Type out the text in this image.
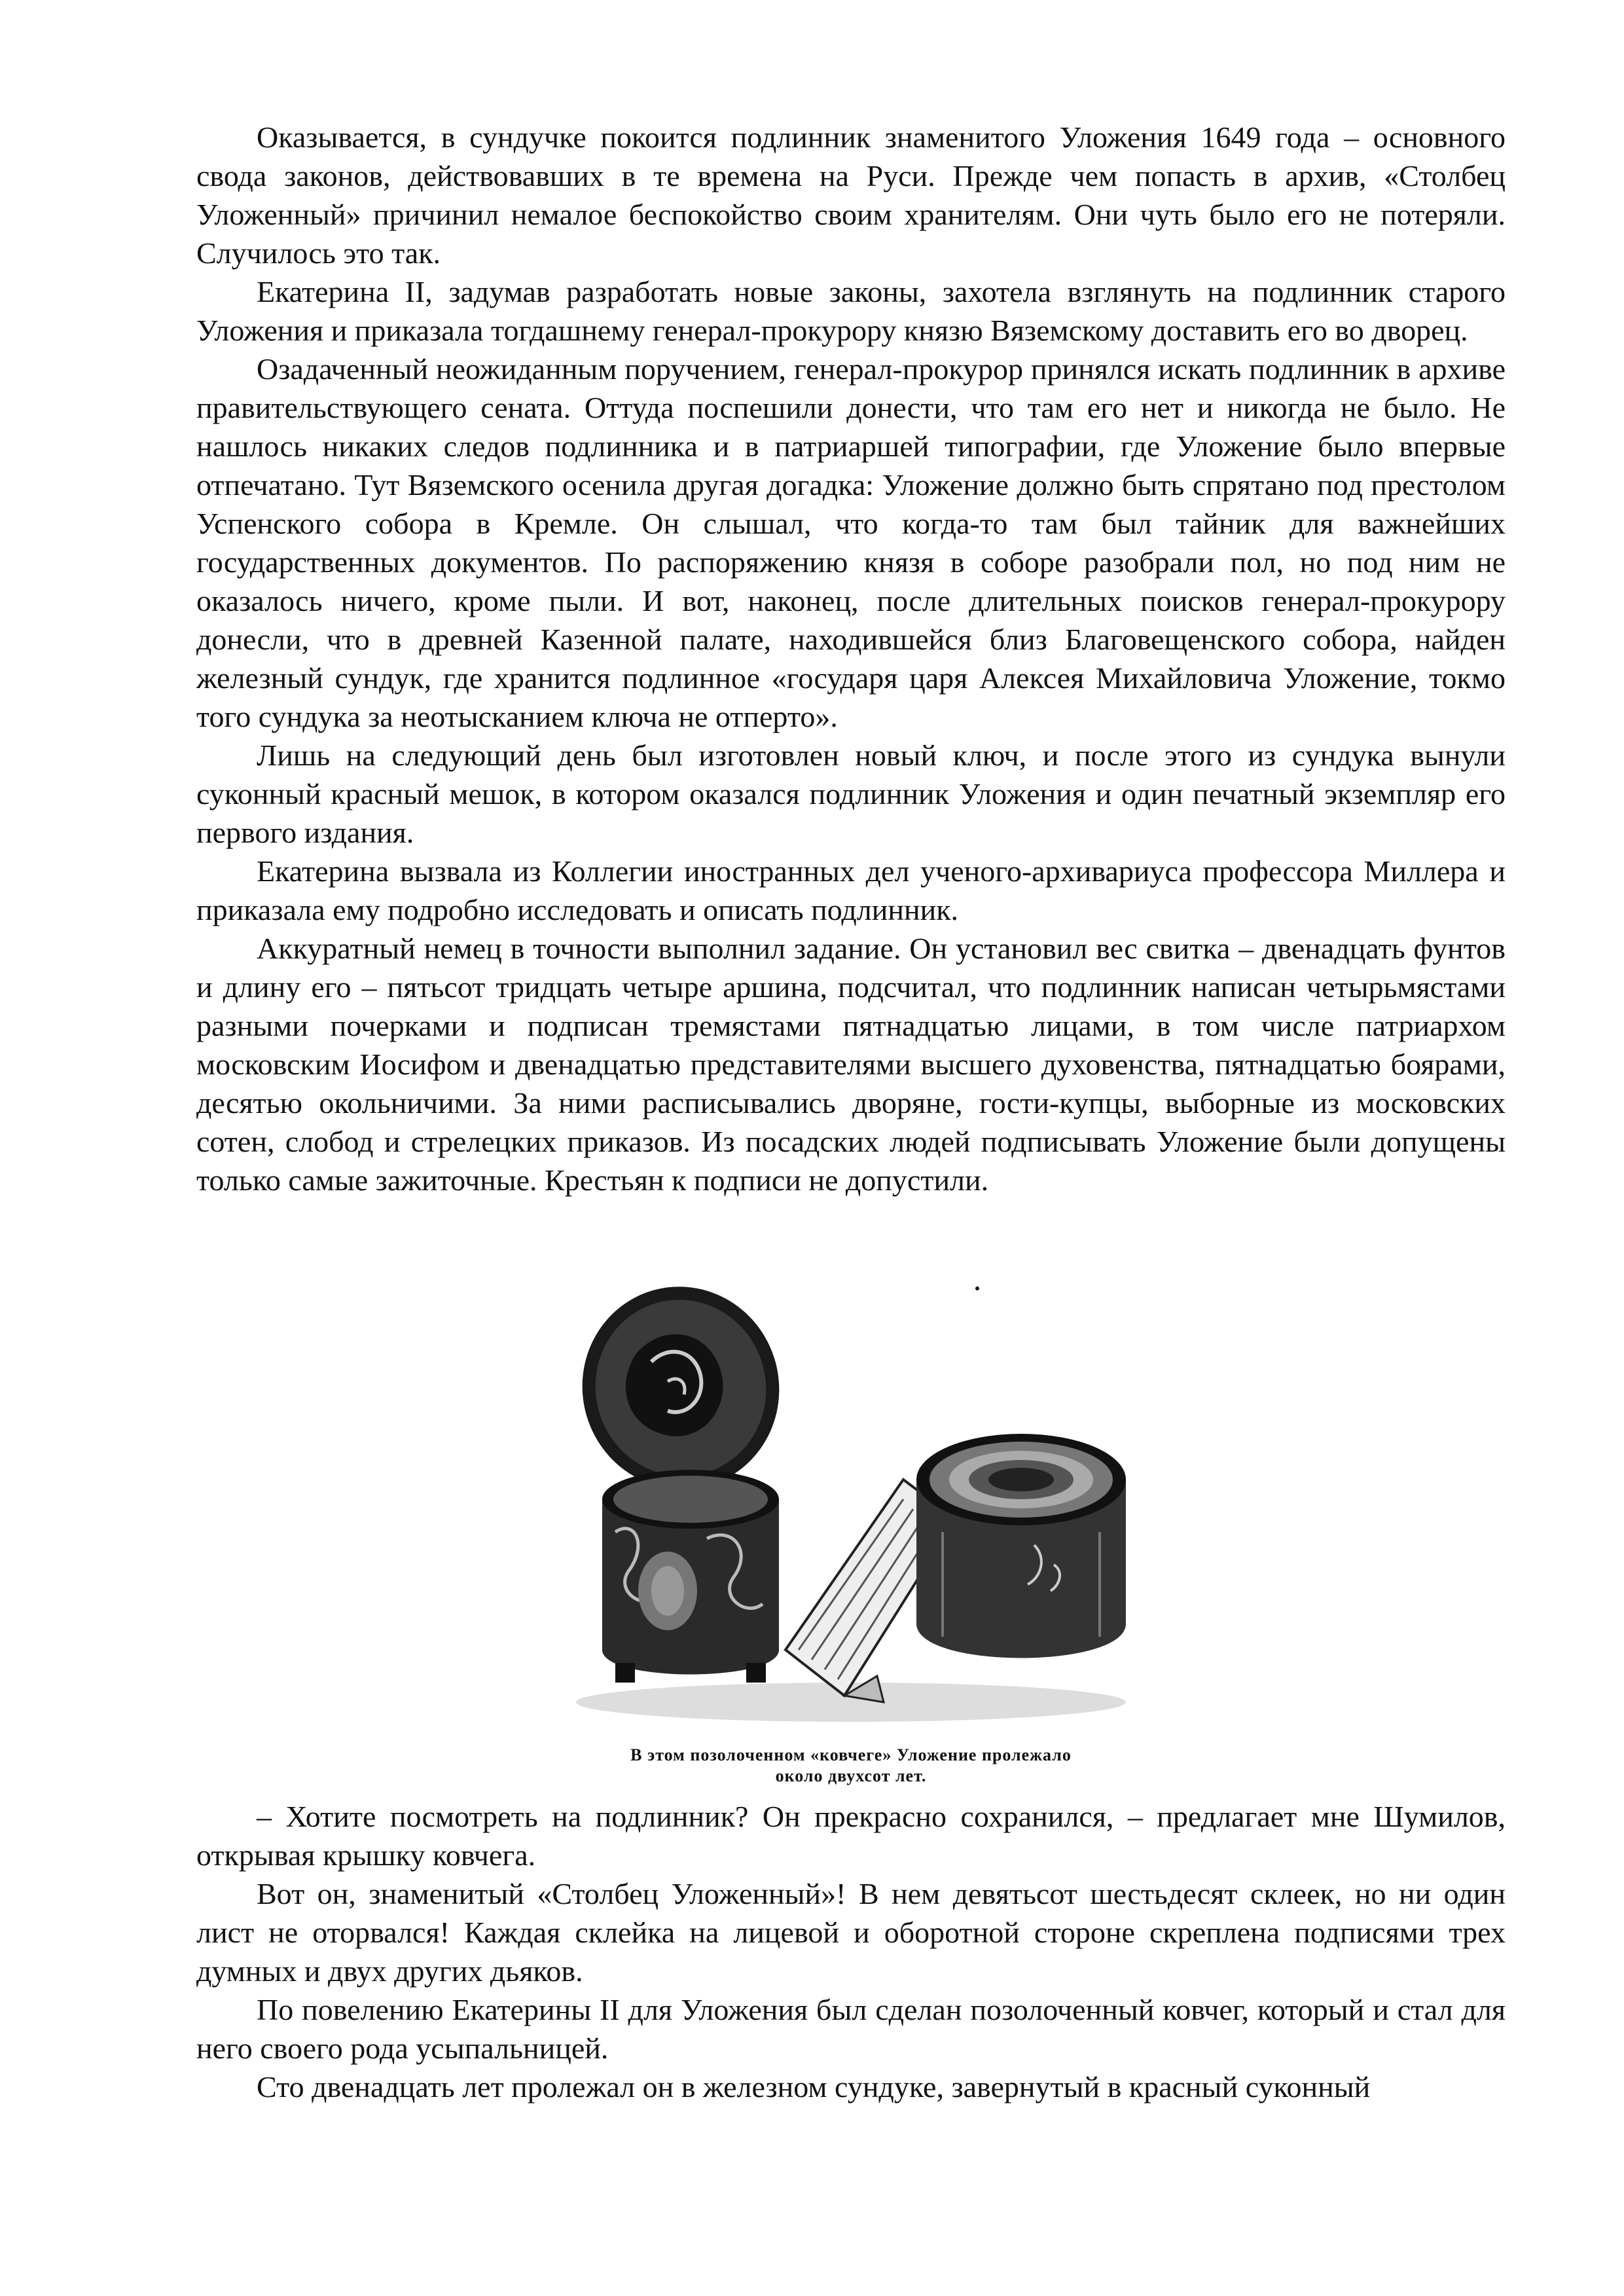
Оказывается, в сундучке покоится подлинник знаменитого Уложения 1649 года – основного свода законов, действовавших в те времена на Руси. Прежде чем попасть в архив, «Столбец Уложенный» причинил немалое беспокойство своим хранителям. Они чуть было его не потеряли. Случилось это так.

Екатерина II, задумав разработать новые законы, захотела взглянуть на подлинник старого Уложения и приказала тогдашнему генерал-прокурору князю Вяземскому доставить его во дворец.

Озадаченный неожиданным поручением, генерал-прокурор принялся искать подлинник в архиве правительствующего сената. Оттуда поспешили донести, что там его нет и никогда не было. Не нашлось никаких следов подлинника и в патриаршей типографии, где Уложение было впервые отпечатано. Тут Вяземского осенила другая догадка: Уложение должно быть спрятано под престолом Успенского собора в Кремле. Он слышал, что когда-то там был тайник для важнейших государственных документов. По распоряжению князя в соборе разобрали пол, но под ним не оказалось ничего, кроме пыли. И вот, наконец, после длительных поисков генерал-прокурору донесли, что в древней Казенной палате, находившейся близ Благовещенского собора, найден железный сундук, где хранится подлинное «государя царя Алексея Михайловича Уложение, токмо того сундука за неотысканием ключа не отперто».

Лишь на следующий день был изготовлен новый ключ, и после этого из сундука вынули суконный красный мешок, в котором оказался подлинник Уложения и один печатный экземпляр его первого издания.

Екатерина вызвала из Коллегии иностранных дел ученого-архивариуса профессора Миллера и приказала ему подробно исследовать и описать подлинник.

Аккуратный немец в точности выполнил задание. Он установил вес свитка – двенадцать фунтов и длину его – пятьсот тридцать четыре аршина, подсчитал, что подлинник написан четырьмястами разными почерками и подписан тремястами пятнадцатью лицами, в том числе патриархом московским Иосифом и двенадцатью представителями высшего духовенства, пятнадцатью боярами, десятью окольничими. За ними расписывались дворяне, гости-купцы, выборные из московских сотен, слобод и стрелецких приказов. Из посадских людей подписывать Уложение были допущены только самые зажиточные. Крестьян к подписи не допустили.

В этом позолоченном «ковчеге» Уложение пролежало
около двухсот лет.

– Хотите посмотреть на подлинник? Он прекрасно сохранился, – предлагает мне Шумилов, открывая крышку ковчега.

Вот он, знаменитый «Столбец Уложенный»! В нем девятьсот шестьдесят склеек, но ни один лист не оторвался! Каждая склейка на лицевой и оборотной стороне скреплена подписями трех думных и двух других дьяков.

По повелению Екатерины II для Уложения был сделан позолоченный ковчег, который и стал для него своего рода усыпальницей.

Сто двенадцать лет пролежал он в железном сундуке, завернутый в красный суконный
